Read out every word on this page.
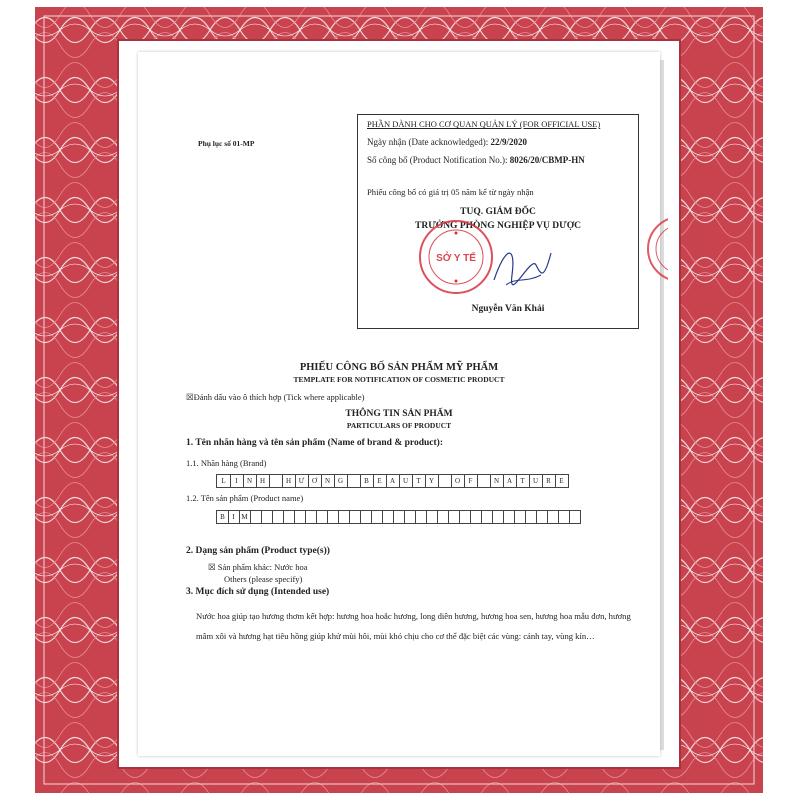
Phụ lục số 01-MP
PHẦN DÀNH CHO CƠ QUAN QUẢN LÝ (FOR OFFICIAL USE)
Ngày nhận (Date acknowledged): 22/9/2020
Số công bố (Product Notification No.): 8026/20/CBMP-HN
Phiếu công bố có giá trị 05 năm kể từ ngày nhận
TUQ. GIÁM ĐỐC
TRƯỞNG PHÒNG NGHIỆP VỤ DƯỢC
SỞ Y TẾ
Nguyễn Văn Khải
PHIẾU CÔNG BỐ SẢN PHẨM MỸ PHẨM
TEMPLATE FOR NOTIFICATION OF COSMETIC PRODUCT
☒Đánh dấu vào ô thích hợp (Tick where applicable)
THÔNG TIN SẢN PHẨM
PARTICULARS OF PRODUCT
1. Tên nhãn hàng và tên sản phẩm (Name of brand & product):
1.1. Nhãn hàng (Brand)
L	I	N	H	H	Ư	Ơ	N	G	B	E	A	U	T	Y	O	F	N	A	T	U	R	E
1.2. Tên sản phẩm (Product name)
B	I M
2. Dạng sản phẩm (Product type(s))
☒ Sản phẩm khác: Nước hoa
Others (please specify)
3. Mục đích sử dụng (Intended use)
Nước hoa giúp tạo hương thơm kết hợp: hương hoa hoắc hương, long diên hương, hương hoa sen, hương hoa mẫu đơn, hương mâm xôi và hương hạt tiêu hồng giúp khử mùi hôi, mùi khó chịu cho cơ thể đặc biệt các vùng: cánh tay, vùng kín…
